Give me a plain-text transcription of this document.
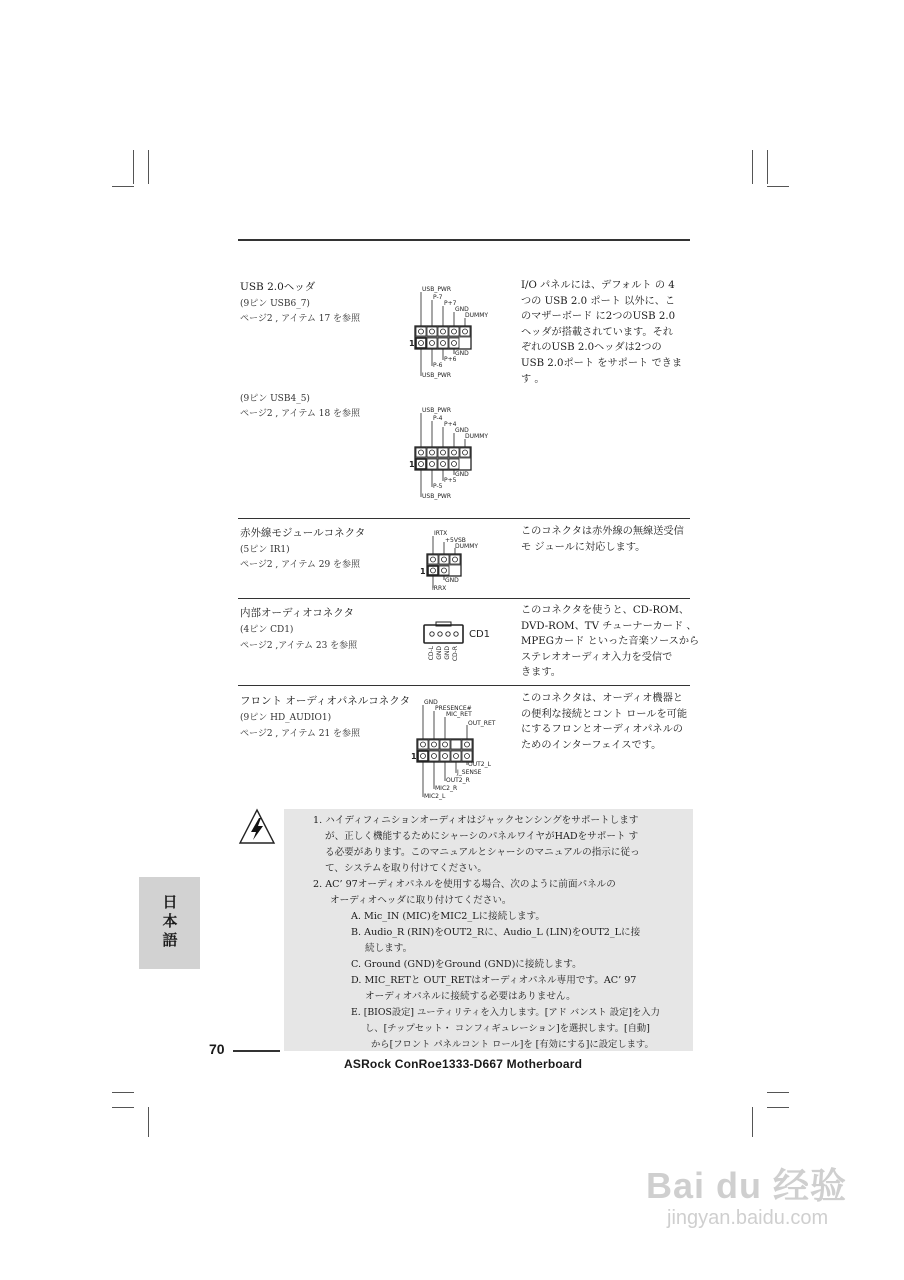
USB 2.0ヘッダ
(9ピン USB6_7)
ページ2 , アイテム 17 を参照
(9ピン USB4_5)
ページ2 , アイテム 18 を参照
I/O パネルには、デフォルト の 4
つの USB 2.0 ポート 以外に、こ
のマザーボード に2つのUSB 2.0
ヘッダが搭載されています。それ
ぞれのUSB 2.0ヘッダは2つの
USB 2.0ポート をサポート できま
す 。
USB_PWR
P-7
P+7
GND
DUMMY
GND
P+6
P-6
USB_PWR
1
USB_PWR
P-4
P+4
GND
DUMMY
GND
P+5
P-5
USB_PWR
1
赤外線モジュールコネクタ
(5ピン IR1)
ページ2 , アイテム 29 を参照
このコネクタは赤外線の無線送受信
モ ジュールに対応します。
IRTX
+5VSB
DUMMY
GND
IRRX
1
内部オーディオコネクタ
(4ピン CD1)
ページ2 ,アイテム 23 を参照
このコネクタを使うと、CD-ROM、
DVD-ROM、TV チューナーカード 、
MPEGカード といった音楽ソースから
ステレオオーディオ入力を受信で
きます。
CD1
CD-L GND GND CD-R
フロント オーディオパネルコネクタ
(9ピン HD_AUDIO1)
ページ2 , アイテム 21 を参照
このコネクタは、オーディオ機器と
の便利な接続とコント ロールを可能
にするフロンとオーディオパネルの
ためのインターフェイスです。
GND
PRESENCE#
MIC_RET
OUT_RET
OUT2_L
J_SENSE
OUT2_R
MIC2_R
MIC2_L
1
1. ハイディフィニションオーディオはジャックセンシングをサポートします
が、正しく機能するためにシャーシのパネルワイヤがHADをサポート す
る必要があります。このマニュアルとシャーシのマニュアルの指示に従っ
て、システムを取り付けてください。
2. AC’ 97オーディオパネルを使用する場合、次のように前面パネルの
オーディオヘッダに取り付けてください。
A. Mic_IN (MIC)をMIC2_Lに接続します。
B. Audio_R (RIN)をOUT2_Rに、Audio_L (LIN)をOUT2_Lに接
続します。
C. Ground (GND)をGround (GND)に接続します。
D. MIC_RETと OUT_RETはオーディオパネル専用です。AC’ 97
オーディオパネルに接続する必要はありません。
E. [BIOS設定] ユーティリティを入力します。[アド バンスト 設定]を入力
し、[チップセット・ コンフィギュレーション]を選択します。[自動]
から[フロント パネルコント ロール]を [有効にする]に設定します。
日
本
語
70
ASRock ConRoe1333-D667 Motherboard
Bai du 经验
jingyan.baidu.com
